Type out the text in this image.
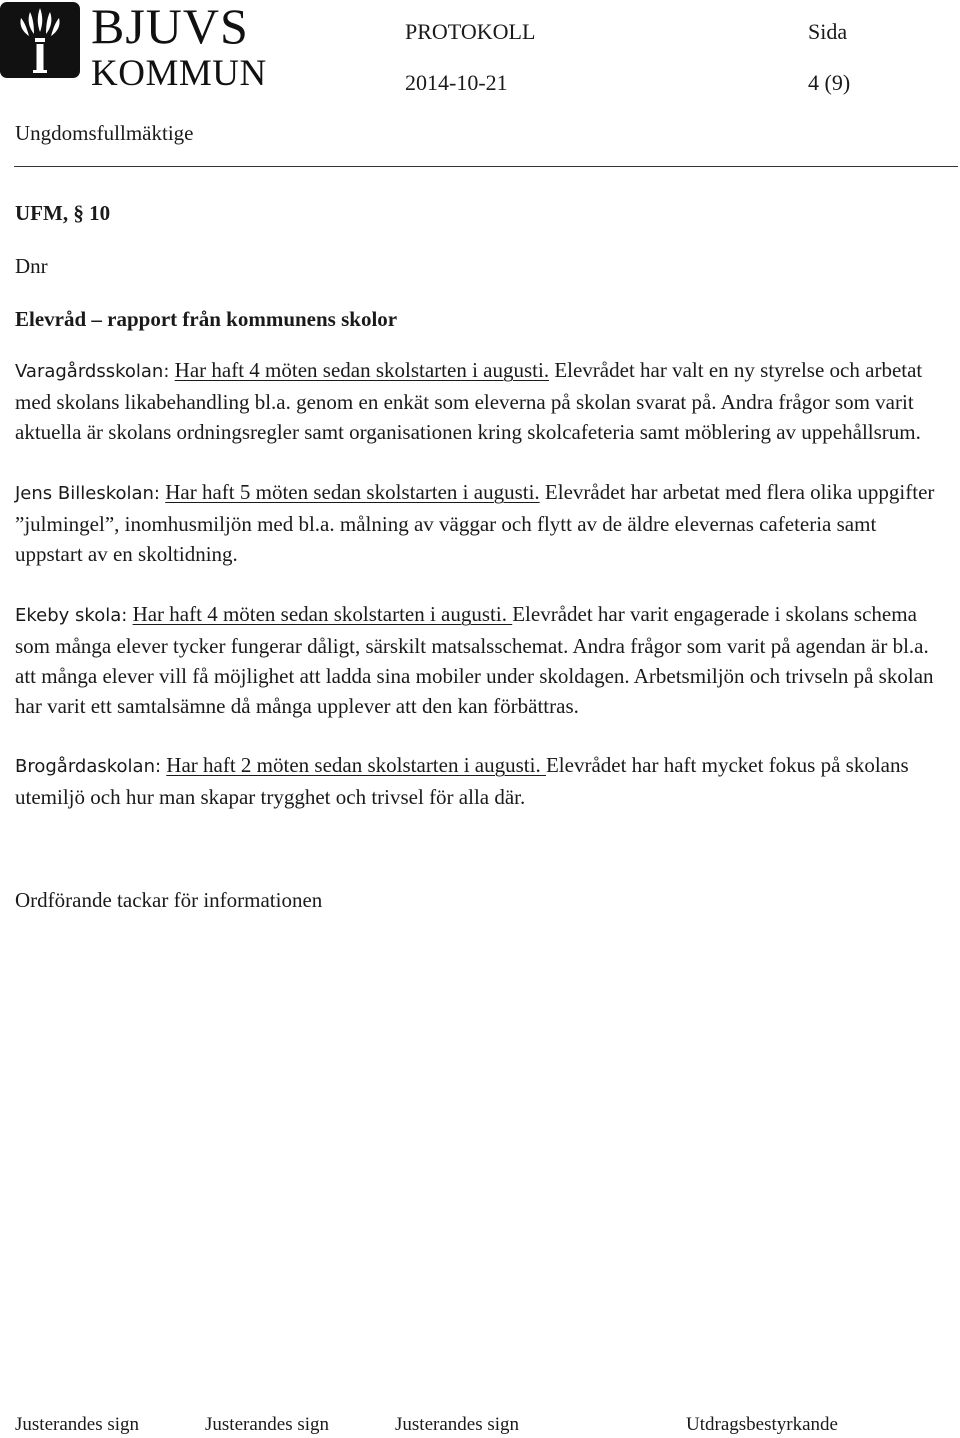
BJUVS
KOMMUN
PROTOKOLL	Sida
2014-10-21	4 (9)
Ungdomsfullmäktige

UFM, § 10

Dnr

Elevråd – rapport från kommunens skolor

Varagårdsskolan: Har haft 4 möten sedan skolstarten i augusti. Elevrådet har valt en ny styrelse och arbetat med skolans likabehandling bl.a. genom en enkät som eleverna på skolan svarat på. Andra frågor som varit aktuella är skolans ordningsregler samt organisationen kring skolcafeteria samt möblering av uppehållsrum.

Jens Billeskolan: Har haft 5 möten sedan skolstarten i augusti. Elevrådet har arbetat med flera olika uppgifter ”julmingel”, inomhusmiljön med bl.a. målning av väggar och flytt av de äldre elevernas cafeteria samt uppstart av en skoltidning.

Ekeby skola: Har haft 4 möten sedan skolstarten i augusti. Elevrådet har varit engagerade i skolans schema som många elever tycker fungerar dåligt, särskilt matsalsschemat. Andra frågor som varit på agendan är bl.a. att många elever vill få möjlighet att ladda sina mobiler under skoldagen. Arbetsmiljön och trivseln på skolan har varit ett samtalsämne då många upplever att den kan förbättras.

Brogårdaskolan: Har haft 2 möten sedan skolstarten i augusti. Elevrådet har haft mycket fokus på skolans utemiljö och hur man skapar trygghet och trivsel för alla där.

Ordförande tackar för informationen

Justerandes sign	Justerandes sign	Justerandes sign	Utdragsbestyrkande
